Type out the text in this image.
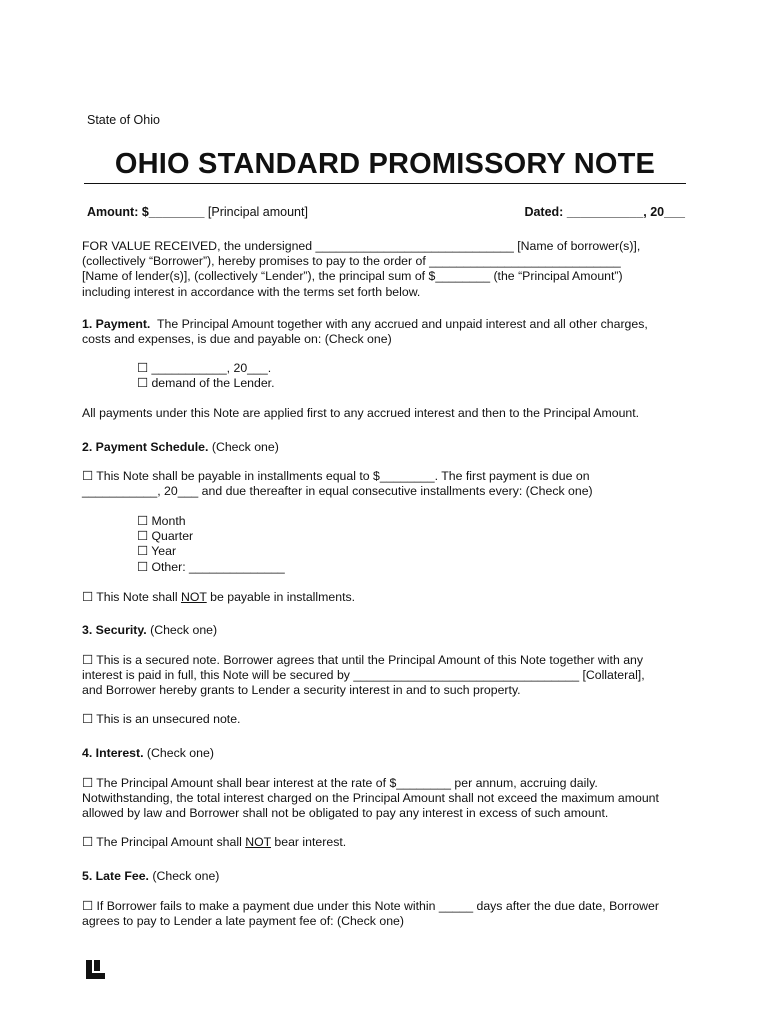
State of Ohio
OHIO STANDARD PROMISSORY NOTE
Amount: $________ [Principal amount]	Dated: ___________, 20___
FOR VALUE RECEIVED, the undersigned _____________________________ [Name of borrower(s)],
(collectively “Borrower”), hereby promises to pay to the order of ____________________________
[Name of lender(s)], (collectively “Lender”), the principal sum of $________ (the “Principal Amount”)
including interest in accordance with the terms set forth below.
1. Payment.  The Principal Amount together with any accrued and unpaid interest and all other charges,
costs and expenses, is due and payable on: (Check one)
☐ ___________, 20___.
☐ demand of the Lender.
All payments under this Note are applied first to any accrued interest and then to the Principal Amount.
2. Payment Schedule. (Check one)
☐ This Note shall be payable in installments equal to $________. The first payment is due on
___________, 20___ and due thereafter in equal consecutive installments every: (Check one)
☐ Month
☐ Quarter
☐ Year
☐ Other: ______________
☐ This Note shall NOT be payable in installments.
3. Security. (Check one)
☐ This is a secured note. Borrower agrees that until the Principal Amount of this Note together with any
interest is paid in full, this Note will be secured by _________________________________ [Collateral],
and Borrower hereby grants to Lender a security interest in and to such property.
☐ This is an unsecured note.
4. Interest. (Check one)
☐ The Principal Amount shall bear interest at the rate of $________ per annum, accruing daily.
Notwithstanding, the total interest charged on the Principal Amount shall not exceed the maximum amount
allowed by law and Borrower shall not be obligated to pay any interest in excess of such amount.
☐ The Principal Amount shall NOT bear interest.
5. Late Fee. (Check one)
☐ If Borrower fails to make a payment due under this Note within _____ days after the due date, Borrower
agrees to pay to Lender a late payment fee of: (Check one)
